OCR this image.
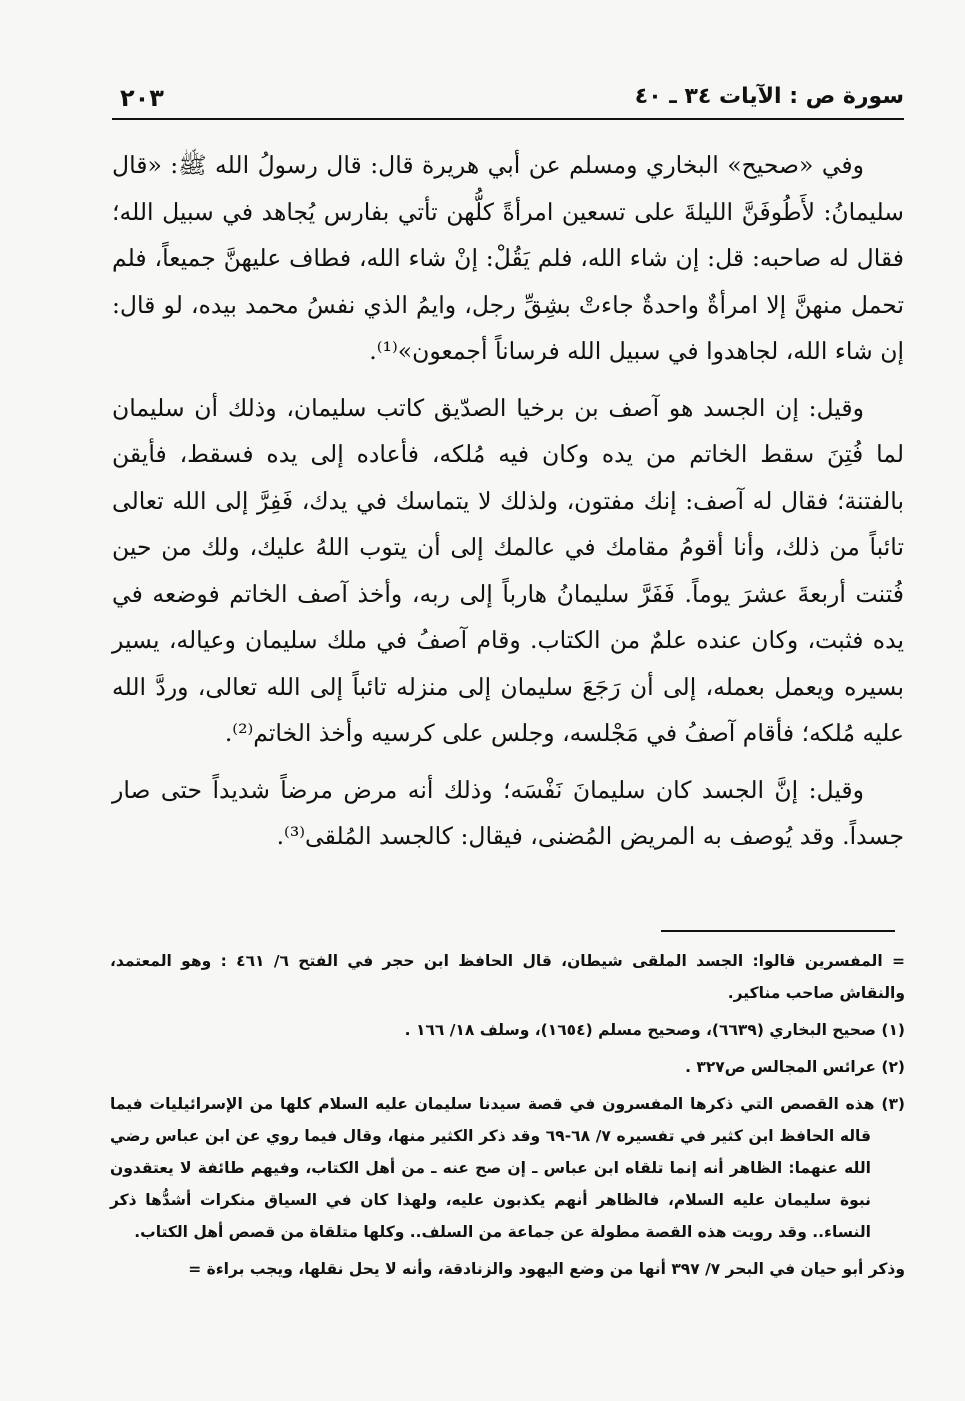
سورة ص : الآيات ٣٤ ـ ٤٠
٢٠٣

وفي «صحيح» البخاري ومسلم عن أبي هريرة قال: قال رسولُ الله ﷺ: «قال سليمانُ: لأَطُوفَنَّ الليلةَ على تسعين امرأةً كلُّهن تأتي بفارس يُجاهد في سبيل الله؛ فقال له صاحبه: قل: إن شاء الله، فلم يَقُلْ: إنْ شاء الله، فطاف عليهنَّ جميعاً، فلم تحمل منهنَّ إلا امرأةٌ واحدةٌ جاءتْ بشِقِّ رجل، وايمُ الذي نفسُ محمد بيده، لو قال: إن شاء الله، لجاهدوا في سبيل الله فرساناً أجمعون»⁽¹⁾.

وقيل: إن الجسد هو آصف بن برخيا الصدّيق كاتب سليمان، وذلك أن سليمان لما فُتِنَ سقط الخاتم من يده وكان فيه مُلكه، فأعاده إلى يده فسقط، فأيقن بالفتنة؛ فقال له آصف: إنك مفتون، ولذلك لا يتماسك في يدك، فَفِرَّ إلى الله تعالى تائباً من ذلك، وأنا أقومُ مقامك في عالمك إلى أن يتوب اللهُ عليك، ولك من حين فُتنت أربعةَ عشرَ يوماً. فَفَرَّ سليمانُ هارباً إلى ربه، وأخذ آصف الخاتم فوضعه في يده فثبت، وكان عنده علمٌ من الكتاب. وقام آصفُ في ملك سليمان وعياله، يسير بسيره ويعمل بعمله، إلى أن رَجَعَ سليمان إلى منزله تائباً إلى الله تعالى، وردَّ الله عليه مُلكه؛ فأقام آصفُ في مَجْلسه، وجلس على كرسيه وأخذ الخاتم⁽²⁾.

وقيل: إنَّ الجسد كان سليمانَ نَفْسَه؛ وذلك أنه مرض مرضاً شديداً حتى صار جسداً. وقد يُوصف به المريض المُضنى، فيقال: كالجسد المُلقى⁽³⁾.

= المفسرين قالوا: الجسد الملقى شيطان، قال الحافظ ابن حجر في الفتح ٦/ ٤٦١ : وهو المعتمد، والنقاش صاحب مناكير.

(١) صحيح البخاري (٦٦٣٩)، وصحيح مسلم (١٦٥٤)، وسلف ١٨/ ١٦٦ .

(٢) عرائس المجالس ص٣٢٧ .

(٣) هذه القصص التي ذكرها المفسرون في قصة سيدنا سليمان عليه السلام كلها من الإسرائيليات فيما قاله الحافظ ابن كثير في تفسيره ٧/ ٦٨-٦٩ وقد ذكر الكثير منها، وقال فيما روي عن ابن عباس رضي الله عنهما: الظاهر أنه إنما تلقاه ابن عباس ـ إن صح عنه ـ من أهل الكتاب، وفيهم طائفة لا يعتقدون نبوة سليمان عليه السلام، فالظاهر أنهم يكذبون عليه، ولهذا كان في السياق منكرات أشدُّها ذكر النساء.. وقد رويت هذه القصة مطولة عن جماعة من السلف.. وكلها متلقاة من قصص أهل الكتاب.

وذكر أبو حيان في البحر ٧/ ٣٩٧ أنها من وضع اليهود والزنادقة، وأنه لا يحل نقلها، ويجب براءة =
